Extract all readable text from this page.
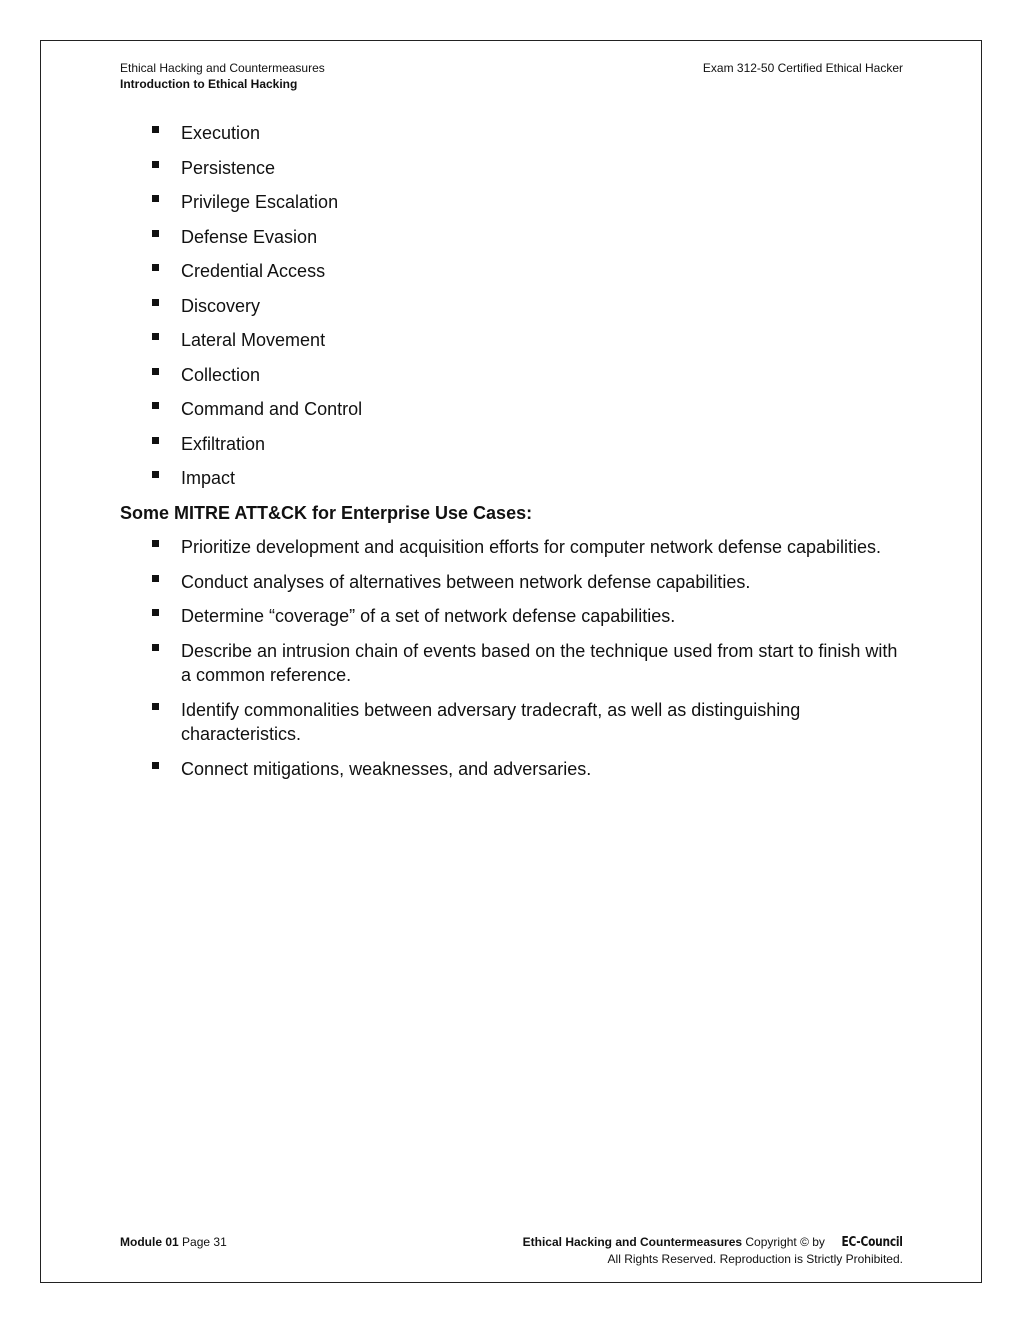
Ethical Hacking and Countermeasures
Introduction to Ethical Hacking
Exam 312-50 Certified Ethical Hacker
Execution
Persistence
Privilege Escalation
Defense Evasion
Credential Access
Discovery
Lateral Movement
Collection
Command and Control
Exfiltration
Impact
Some MITRE ATT&CK for Enterprise Use Cases:
Prioritize development and acquisition efforts for computer network defense capabilities.
Conduct analyses of alternatives between network defense capabilities.
Determine “coverage” of a set of network defense capabilities.
Describe an intrusion chain of events based on the technique used from start to finish with a common reference.
Identify commonalities between adversary tradecraft, as well as distinguishing characteristics.
Connect mitigations, weaknesses, and adversaries.
Module 01 Page 31	Ethical Hacking and Countermeasures Copyright © by EC-Council
All Rights Reserved. Reproduction is Strictly Prohibited.
